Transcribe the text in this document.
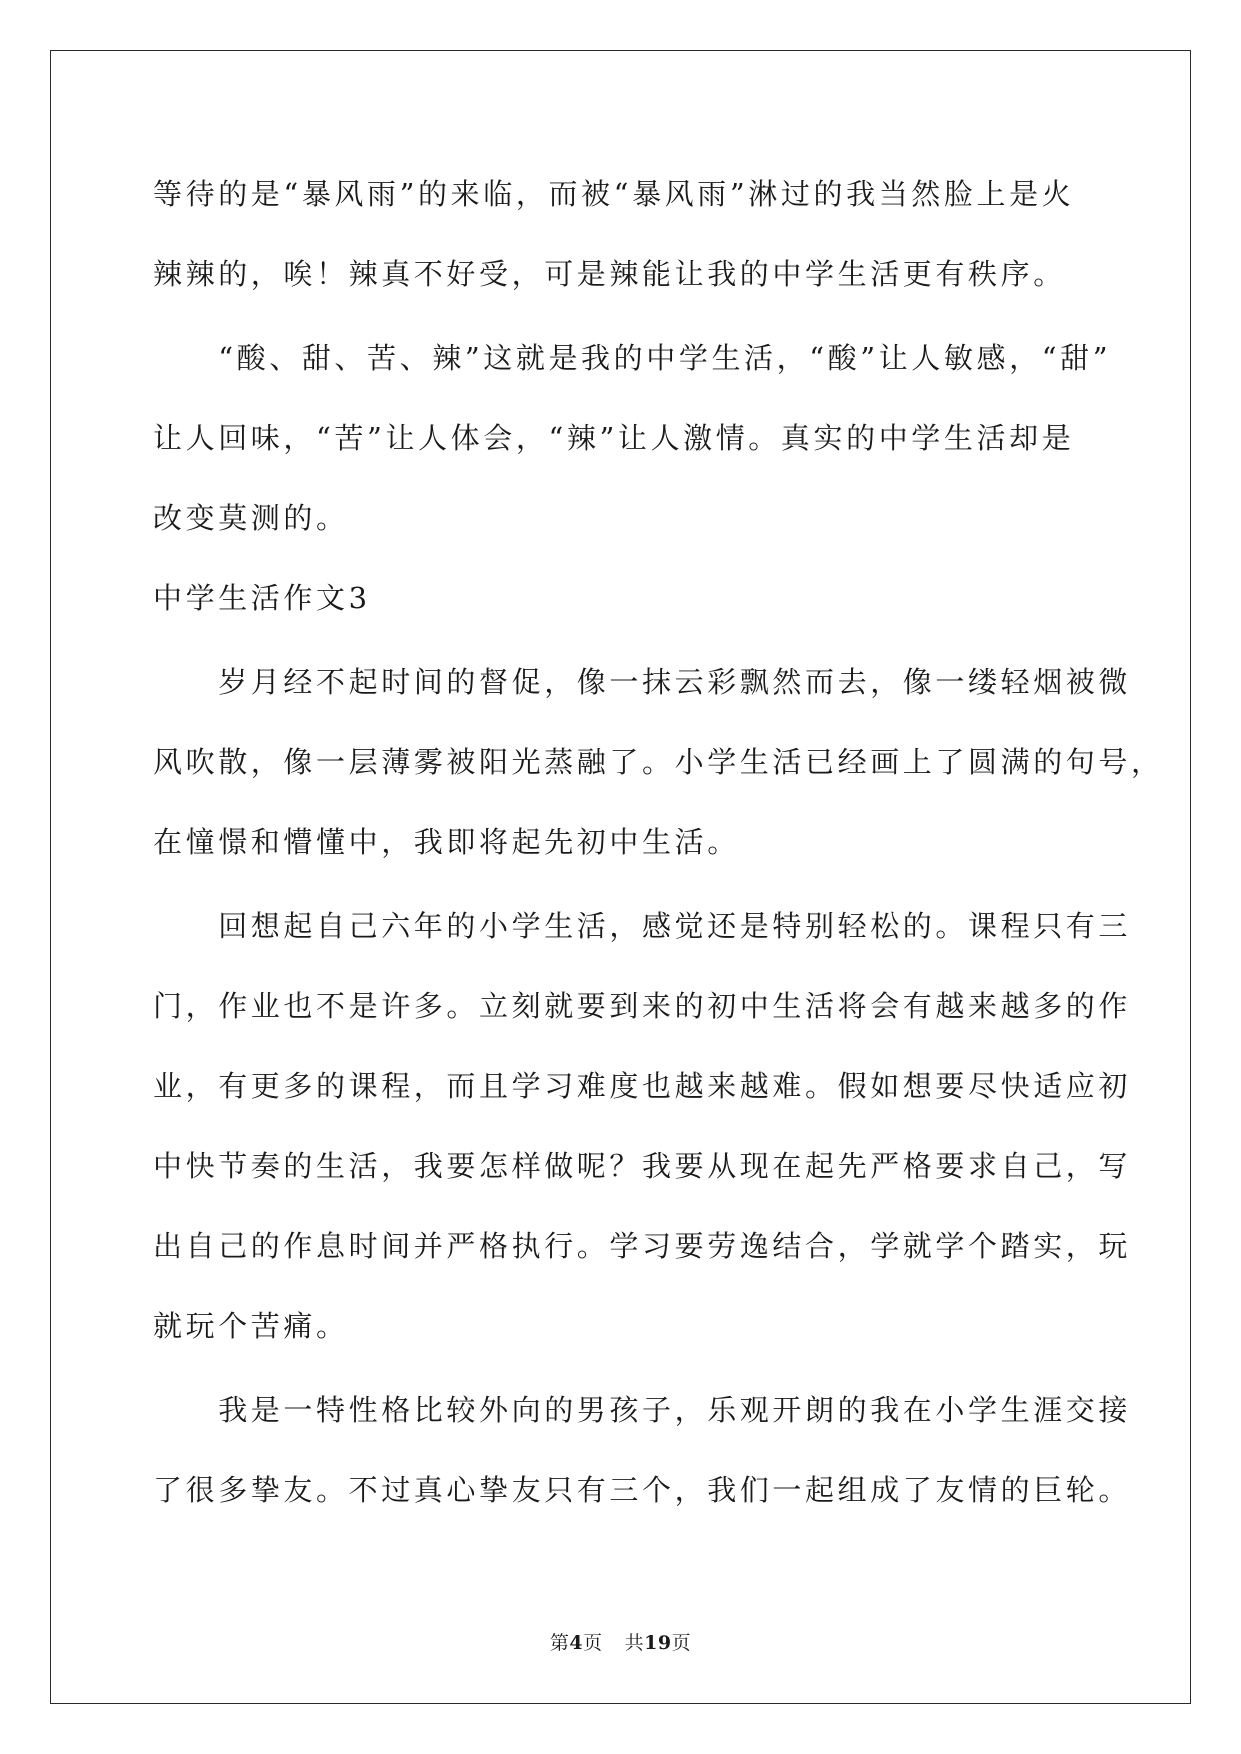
等待的是“暴风雨”的来临，而被“暴风雨”淋过的我当然脸上是火
辣辣的，唉！辣真不好受，可是辣能让我的中学生活更有秩序。
　　“酸、甜、苦、辣”这就是我的中学生活，“酸”让人敏感，“甜”
让人回味，“苦”让人体会，“辣”让人激情。真实的中学生活却是
改变莫测的。
中学生活作文3
　　岁月经不起时间的督促，像一抹云彩飘然而去，像一缕轻烟被微
风吹散，像一层薄雾被阳光蒸融了。小学生活已经画上了圆满的句号，
在憧憬和懵懂中，我即将起先初中生活。
　　回想起自己六年的小学生活，感觉还是特别轻松的。课程只有三
门，作业也不是许多。立刻就要到来的初中生活将会有越来越多的作
业，有更多的课程，而且学习难度也越来越难。假如想要尽快适应初
中快节奏的生活，我要怎样做呢？我要从现在起先严格要求自己，写
出自己的作息时间并严格执行。学习要劳逸结合，学就学个踏实，玩
就玩个苦痛。
　　我是一特性格比较外向的男孩子，乐观开朗的我在小学生涯交接
了很多挚友。不过真心挚友只有三个，我们一起组成了友情的巨轮。
第4页 共19页
